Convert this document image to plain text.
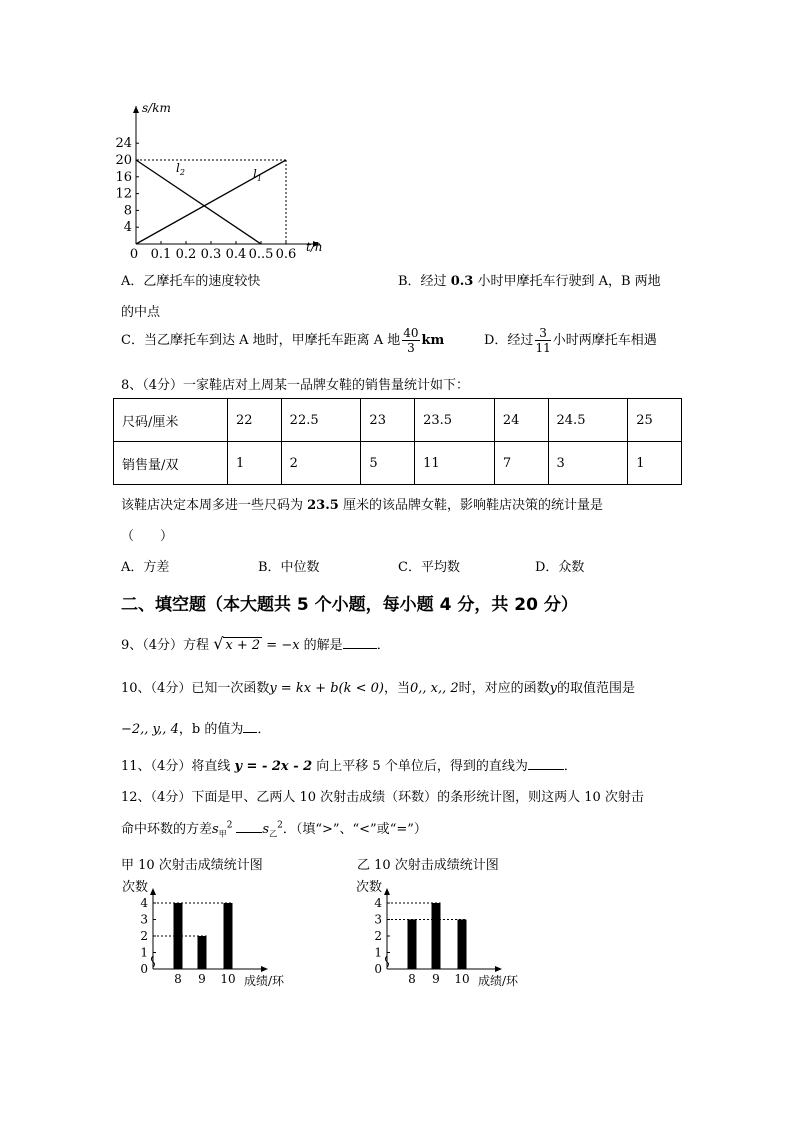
s/km
t/h
4
8
12
16
20
24
0 0.1 0.2 0.3 0.4 0..5 0.6
$l_2$	$l_1$
A．乙摩托车的速度较快	B．经过 0.3 小时甲摩托车行驶到 A，B 两地
的中点
C．当乙摩托车到达 A 地时，甲摩托车距离 A 地 $\frac{40}{3}$ km	D．经过 $\frac{3}{11}$ 小时两摩托车相遇
8、（4分）一家鞋店对上周某一品牌女鞋的销售量统计如下：
尺码/厘米	22	22.5	23	23.5	24	24.5	25
销售量/双	1	2	5	11	7	3	1
该鞋店决定本周多进一些尺码为 23.5 厘米的该品牌女鞋，影响鞋店决策的统计量是
（　　）
A．方差	B．中位数	C．平均数	D．众数
二、填空题（本大题共 5 个小题，每小题 4 分，共 20 分）
9、（4分）方程 √ x + 2 = −x 的解是	．
10、（4分）已知一次函数y = kx + b(k < 0)，当0,, x,, 2时，对应的函数y的取值范围是
−2,, y,, 4，b 的值为 ．
11、（4分）将直线 y = - 2x - 2 向上平移 5 个单位后，得到的直线为	．
12、（4分）下面是甲、乙两人 10 次射击成绩（环数）的条形统计图，则这两人 10 次射击
命中环数的方差$s_甲^2$ $s_乙^2$．（填“>”、“<”或“=”）
甲 10 次射击成绩统计图	乙 10 次射击成绩统计图
次数
成绩/环
0
1
2
3
4
8 9 10
次数
成绩/环
0
1
2
3
4
8 9 10
